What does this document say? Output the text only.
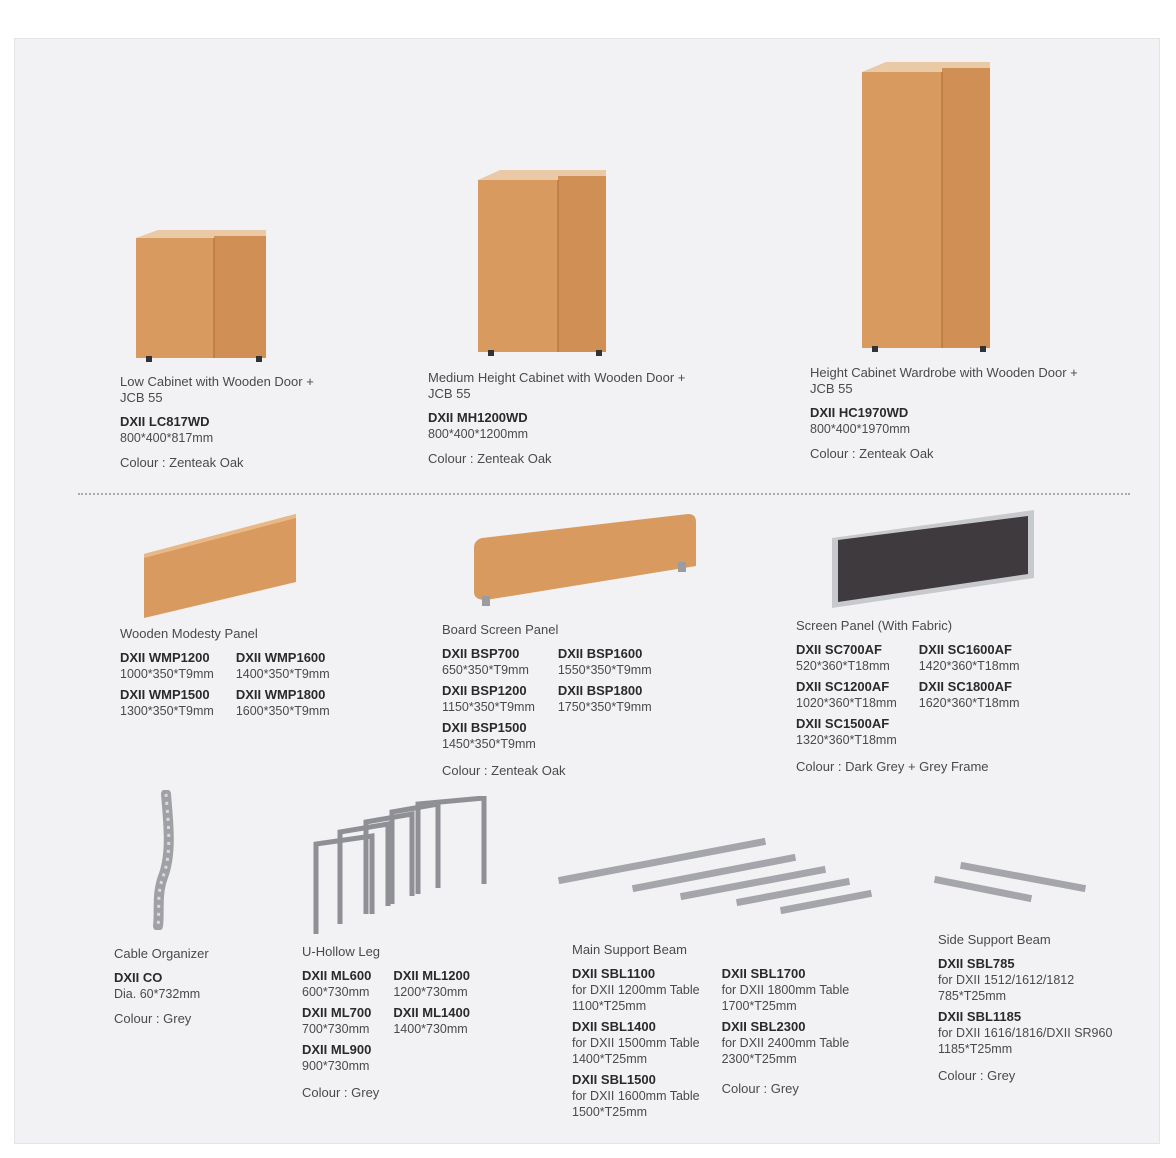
Low Cabinet with Wooden Door + JCB 55
DXII LC817WD
800*400*817mm
Colour : Zenteak Oak
Medium Height Cabinet with Wooden Door + JCB 55
DXII MH1200WD
800*400*1200mm
Colour : Zenteak Oak
Height Cabinet Wardrobe with Wooden Door + JCB 55
DXII HC1970WD
800*400*1970mm
Colour : Zenteak Oak
Wooden Modesty Panel
DXII WMP1200
1000*350*T9mm
DXII WMP1500
1300*350*T9mm
DXII WMP1600
1400*350*T9mm
DXII WMP1800
1600*350*T9mm
Board Screen Panel
DXII BSP700
650*350*T9mm
DXII BSP1200
1150*350*T9mm
DXII BSP1500
1450*350*T9mm
DXII BSP1600
1550*350*T9mm
DXII BSP1800
1750*350*T9mm
Colour : Zenteak Oak
Screen Panel (With Fabric)
DXII SC700AF
520*360*T18mm
DXII SC1200AF
1020*360*T18mm
DXII SC1500AF
1320*360*T18mm
DXII SC1600AF
1420*360*T18mm
DXII SC1800AF
1620*360*T18mm
Colour : Dark Grey + Grey Frame
Cable Organizer
DXII CO
Dia. 60*732mm
Colour : Grey
U-Hollow Leg
DXII ML600
600*730mm
DXII ML700
700*730mm
DXII ML900
900*730mm
DXII ML1200
1200*730mm
DXII ML1400
1400*730mm
Colour : Grey
Main Support Beam
DXII SBL1100
for DXII 1200mm Table
1100*T25mm
DXII SBL1400
for DXII 1500mm Table
1400*T25mm
DXII SBL1500
for DXII 1600mm Table
1500*T25mm
DXII SBL1700
for DXII 1800mm Table
1700*T25mm
DXII SBL2300
for DXII 2400mm Table
2300*T25mm
Colour : Grey
Side Support Beam
DXII SBL785
for DXII 1512/1612/1812
785*T25mm
DXII SBL1185
for DXII 1616/1816/DXII SR960
1185*T25mm
Colour : Grey
